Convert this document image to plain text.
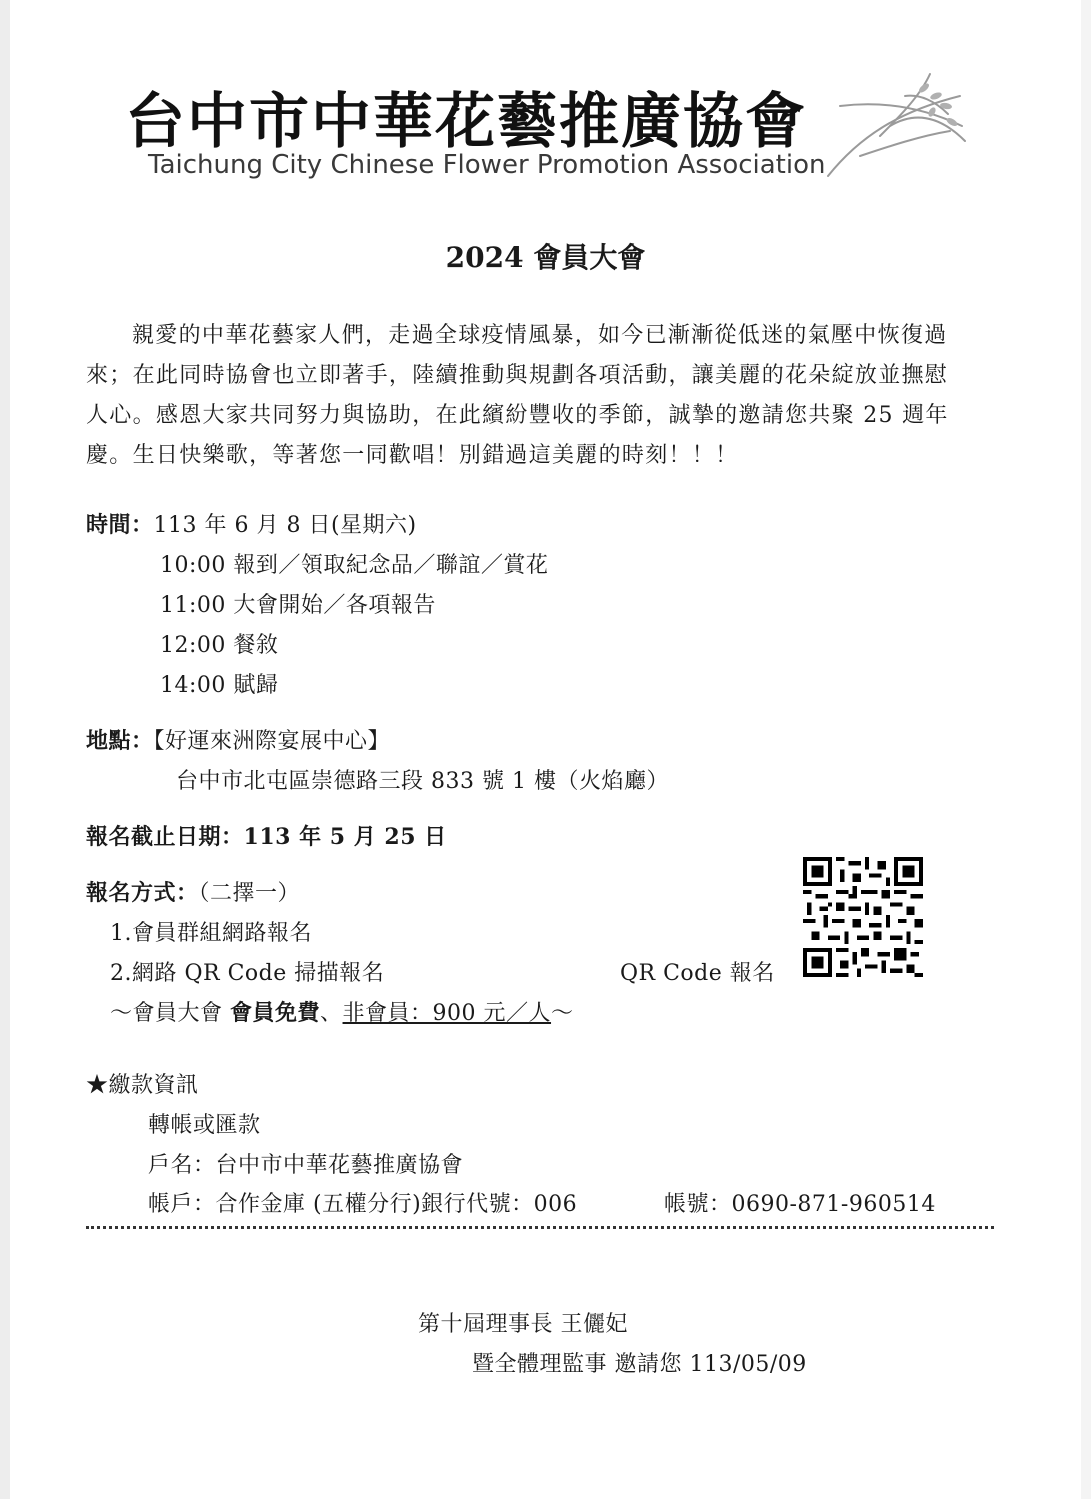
台中市中華花藝推廣協會
Taichung City Chinese Flower Promotion Association
2024 會員大會
親愛的中華花藝家人們，走過全球疫情風暴，如今已漸漸從低迷的氣壓中恢復過
來；在此同時協會也立即著手，陸續推動與規劃各項活動，讓美麗的花朵綻放並撫慰
人心。感恩大家共同努力與協助，在此繽紛豐收的季節，誠摯的邀請您共聚 25 週年
慶。生日快樂歌，等著您一同歡唱！別錯過這美麗的時刻！！！
時間：113 年 6 月 8 日(星期六)
10:00 報到／領取紀念品／聯誼／賞花
11:00 大會開始／各項報告
12:00 餐敘
14:00 賦歸
地點：【好運來洲際宴展中心】
台中市北屯區崇德路三段 833 號 1 樓（火焰廳）
報名截止日期：113 年 5 月 25 日
報名方式：（二擇一）
1.會員群組網路報名
2.網路 QR Code 掃描報名	QR Code 報名
～會員大會 會員免費、非會員：900 元／人～
★繳款資訊
轉帳或匯款
戶名：台中市中華花藝推廣協會
帳戶：合作金庫 (五權分行)銀行代號：006	帳號：0690-871-960514
第十屆理事長 王儷妃
暨全體理監事 邀請您 113/05/09
